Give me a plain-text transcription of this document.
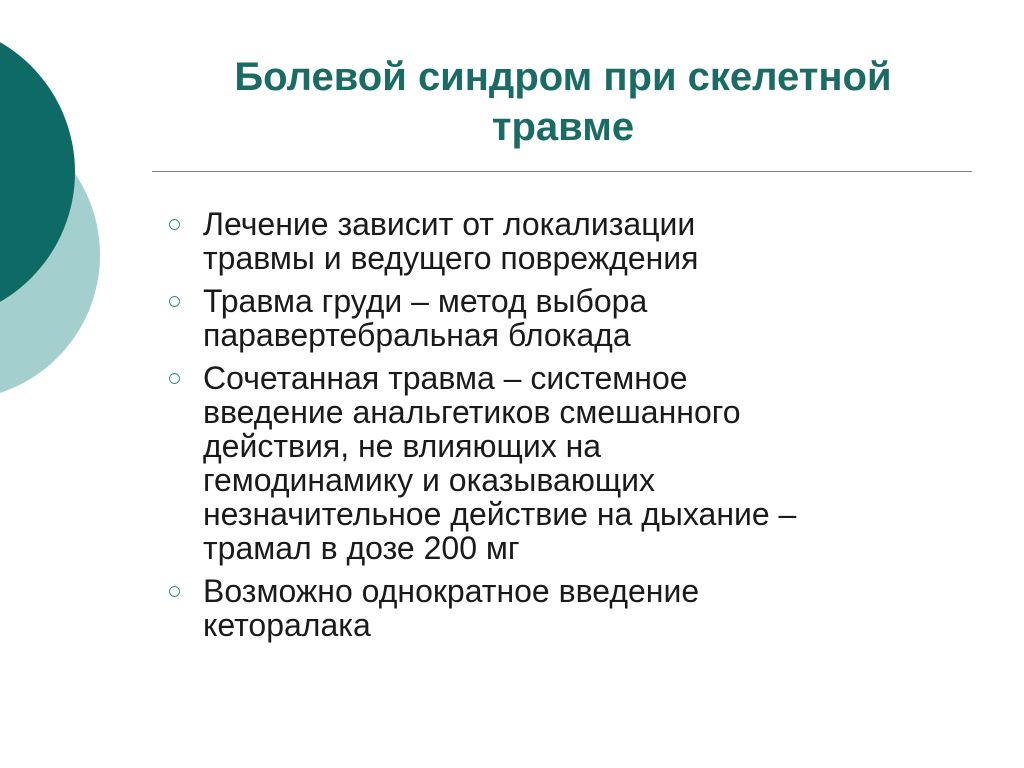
Болевой синдром при скелетной
травме
Лечение зависит от локализации
травмы и ведущего повреждения
Травма груди – метод выбора
паравертебральная блокада
Сочетанная травма – системное
введение анальгетиков смешанного
действия, не влияющих на
гемодинамику и оказывающих
незначительное действие на дыхание –
трамал в дозе 200 мг
Возможно однократное введение
кеторалака
